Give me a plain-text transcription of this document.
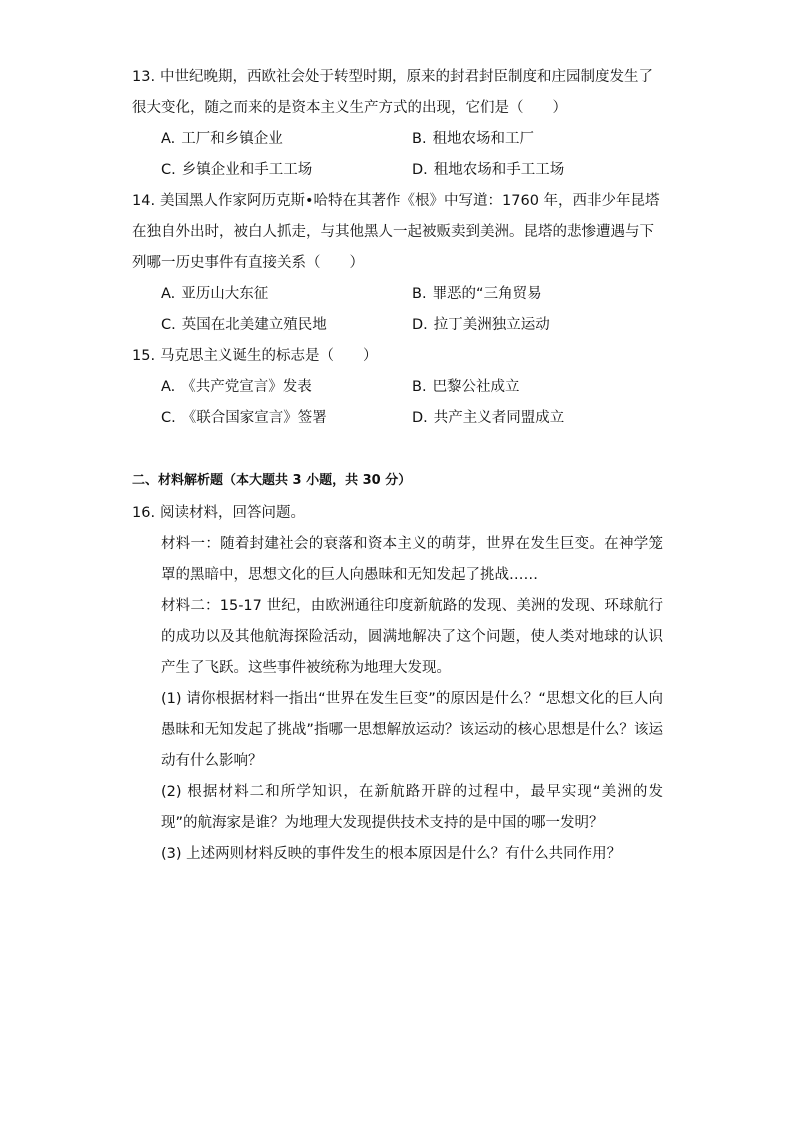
13. 中世纪晚期，西欧社会处于转型时期，原来的封君封臣制度和庄园制度发生了很大变化，随之而来的是资本主义生产方式的出现，它们是（　　）
A. 工厂和乡镇企业	B. 租地农场和工厂
C. 乡镇企业和手工工场	D. 租地农场和手工工场
14. 美国黑人作家阿历克斯•哈特在其著作《根》中写道：1760 年，西非少年昆塔在独自外出时，被白人抓走，与其他黑人一起被贩卖到美洲。昆塔的悲惨遭遇与下列哪一历史事件有直接关系（　　）
A. 亚历山大东征	B. 罪恶的“三角贸易
C. 英国在北美建立殖民地	D. 拉丁美洲独立运动
15. 马克思主义诞生的标志是（　　）
A. 《共产党宣言》发表	B. 巴黎公社成立
C. 《联合国家宣言》签署	D. 共产主义者同盟成立
二、材料解析题（本大题共 3 小题，共 30 分）
16. 阅读材料，回答问题。
材料一：随着封建社会的衰落和资本主义的萌芽，世界在发生巨变。在神学笼罩的黑暗中，思想文化的巨人向愚昧和无知发起了挑战……
材料二：15-17 世纪，由欧洲通往印度新航路的发现、美洲的发现、环球航行的成功以及其他航海探险活动，圆满地解决了这个问题，使人类对地球的认识产生了飞跃。这些事件被统称为地理大发现。
(1) 请你根据材料一指出“世界在发生巨变”的原因是什么？“思想文化的巨人向愚昧和无知发起了挑战”指哪一思想解放运动？该运动的核心思想是什么？该运动有什么影响？
(2) 根据材料二和所学知识，在新航路开辟的过程中，最早实现“美洲的发现”的航海家是谁？为地理大发现提供技术支持的是中国的哪一发明？
(3) 上述两则材料反映的事件发生的根本原因是什么？有什么共同作用？
